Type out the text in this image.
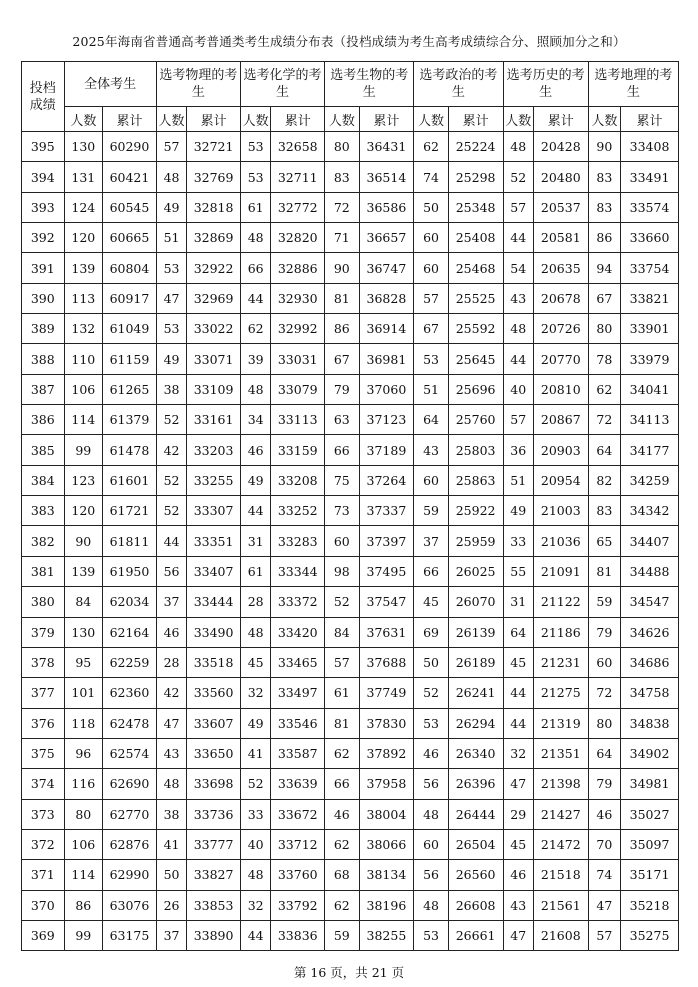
2025年海南省普通高考普通类考生成绩分布表（投档成绩为考生高考成绩综合分、照顾加分之和）
投档成绩	全体考生		选考物理的考生		选考化学的考生		选考生物的考生		选考政治的考生		选考历史的考生		选考地理的考生	
	人数	累计	人数	累计	人数	累计	人数	累计	人数	累计	人数	累计	人数	累计
395	130	60290	57	32721	53	32658	80	36431	62	25224	48	20428	90	33408
394	131	60421	48	32769	53	32711	83	36514	74	25298	52	20480	83	33491
393	124	60545	49	32818	61	32772	72	36586	50	25348	57	20537	83	33574
392	120	60665	51	32869	48	32820	71	36657	60	25408	44	20581	86	33660
391	139	60804	53	32922	66	32886	90	36747	60	25468	54	20635	94	33754
390	113	60917	47	32969	44	32930	81	36828	57	25525	43	20678	67	33821
389	132	61049	53	33022	62	32992	86	36914	67	25592	48	20726	80	33901
388	110	61159	49	33071	39	33031	67	36981	53	25645	44	20770	78	33979
387	106	61265	38	33109	48	33079	79	37060	51	25696	40	20810	62	34041
386	114	61379	52	33161	34	33113	63	37123	64	25760	57	20867	72	34113
385	99	61478	42	33203	46	33159	66	37189	43	25803	36	20903	64	34177
384	123	61601	52	33255	49	33208	75	37264	60	25863	51	20954	82	34259
383	120	61721	52	33307	44	33252	73	37337	59	25922	49	21003	83	34342
382	90	61811	44	33351	31	33283	60	37397	37	25959	33	21036	65	34407
381	139	61950	56	33407	61	33344	98	37495	66	26025	55	21091	81	34488
380	84	62034	37	33444	28	33372	52	37547	45	26070	31	21122	59	34547
379	130	62164	46	33490	48	33420	84	37631	69	26139	64	21186	79	34626
378	95	62259	28	33518	45	33465	57	37688	50	26189	45	21231	60	34686
377	101	62360	42	33560	32	33497	61	37749	52	26241	44	21275	72	34758
376	118	62478	47	33607	49	33546	81	37830	53	26294	44	21319	80	34838
375	96	62574	43	33650	41	33587	62	37892	46	26340	32	21351	64	34902
374	116	62690	48	33698	52	33639	66	37958	56	26396	47	21398	79	34981
373	80	62770	38	33736	33	33672	46	38004	48	26444	29	21427	46	35027
372	106	62876	41	33777	40	33712	62	38066	60	26504	45	21472	70	35097
371	114	62990	50	33827	48	33760	68	38134	56	26560	46	21518	74	35171
370	86	63076	26	33853	32	33792	62	38196	48	26608	43	21561	47	35218
369	99	63175	37	33890	44	33836	59	38255	53	26661	47	21608	57	35275
第 16 页，共 21 页
